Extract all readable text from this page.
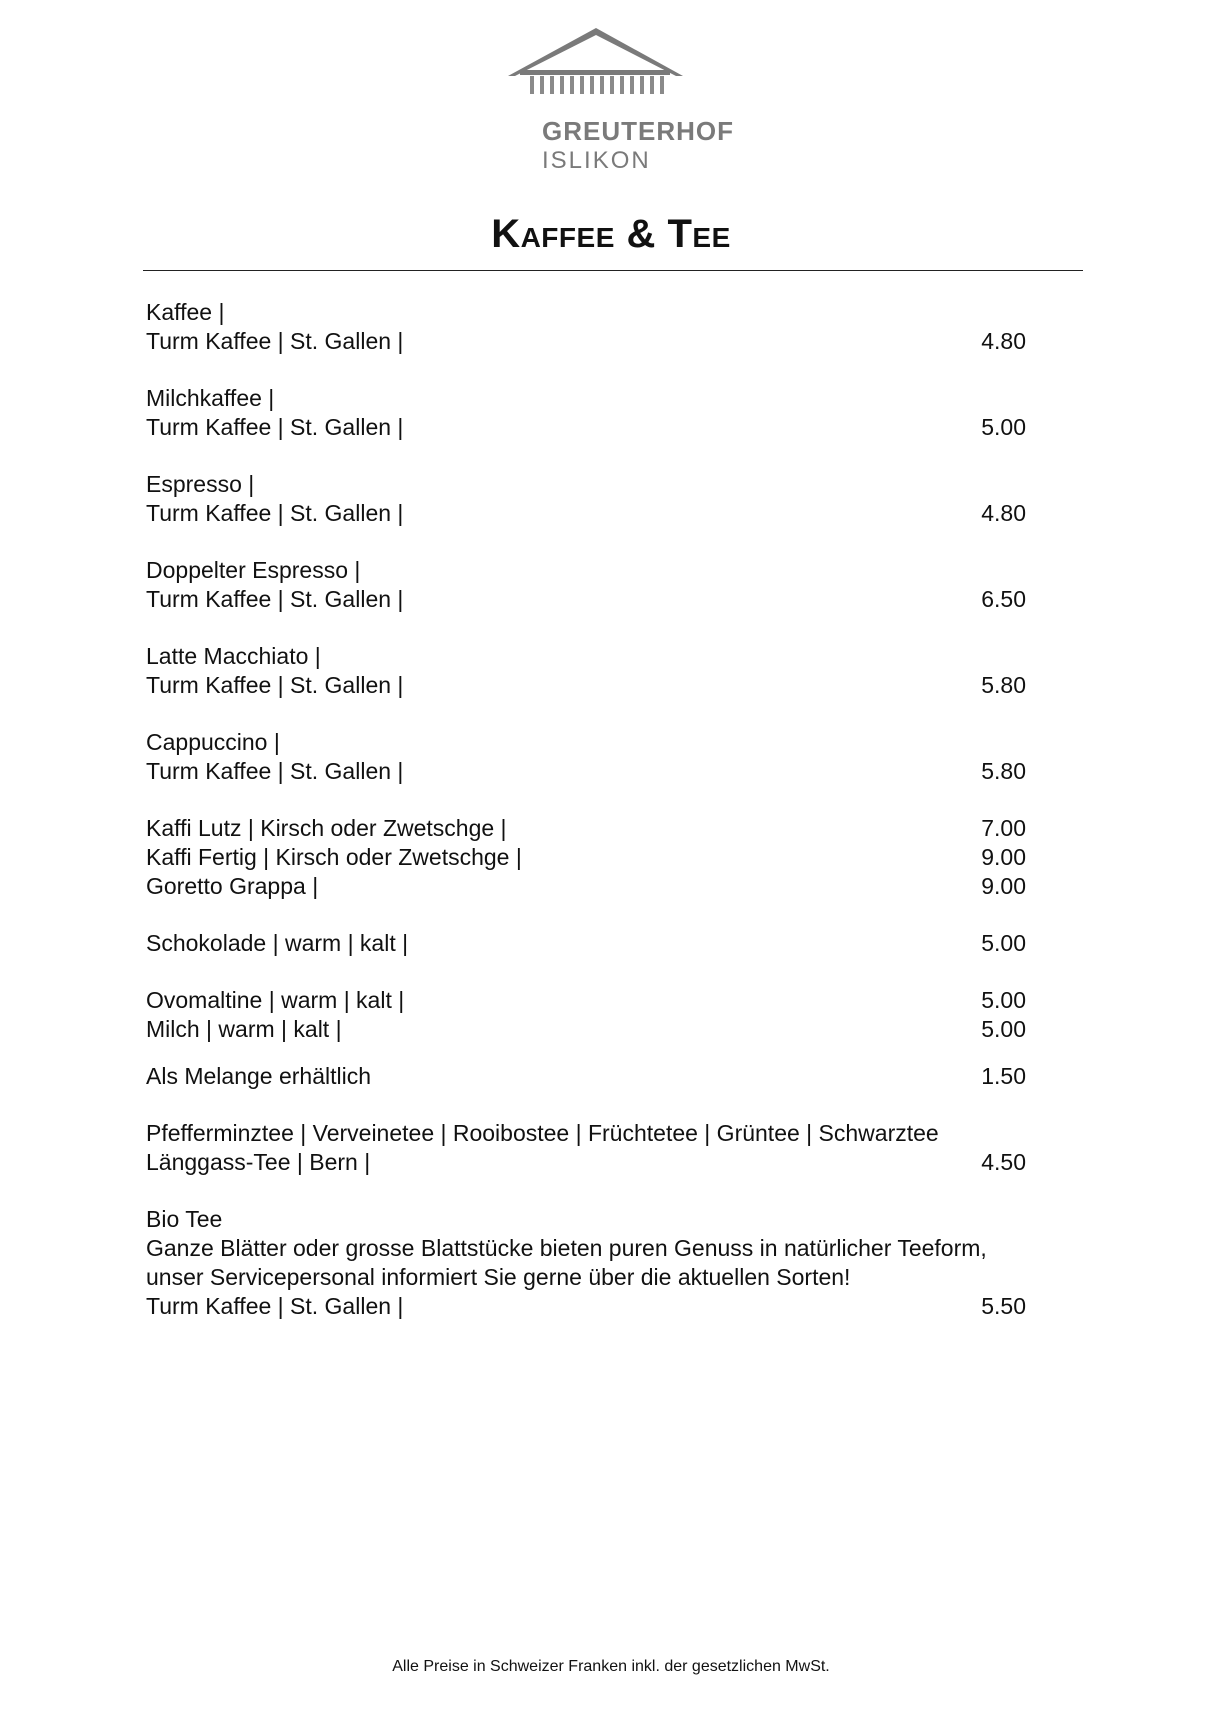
GREUTERHOF
ISLIKON
Kaffee & Tee
Kaffee |
Turm Kaffee | St. Gallen |	4.80
Milchkaffee |
Turm Kaffee | St. Gallen |	5.00
Espresso |
Turm Kaffee | St. Gallen |	4.80
Doppelter Espresso |
Turm Kaffee | St. Gallen |	6.50
Latte Macchiato |
Turm Kaffee | St. Gallen |	5.80
Cappuccino |
Turm Kaffee | St. Gallen |	5.80
Kaffi Lutz | Kirsch oder Zwetschge |	7.00
Kaffi Fertig | Kirsch oder Zwetschge |	9.00
Goretto Grappa |	9.00
Schokolade | warm | kalt |	5.00
Ovomaltine | warm | kalt |	5.00
Milch | warm | kalt |	5.00
Als Melange erhältlich	1.50
Pfefferminztee | Verveinetee | Rooibostee | Früchtetee | Grüntee | Schwarztee
Länggass-Tee | Bern |	4.50
Bio Tee
Ganze Blätter oder grosse Blattstücke bieten puren Genuss in natürlicher Teeform,
unser Servicepersonal informiert Sie gerne über die aktuellen Sorten!
Turm Kaffee | St. Gallen |	5.50
Alle Preise in Schweizer Franken inkl. der gesetzlichen MwSt.
